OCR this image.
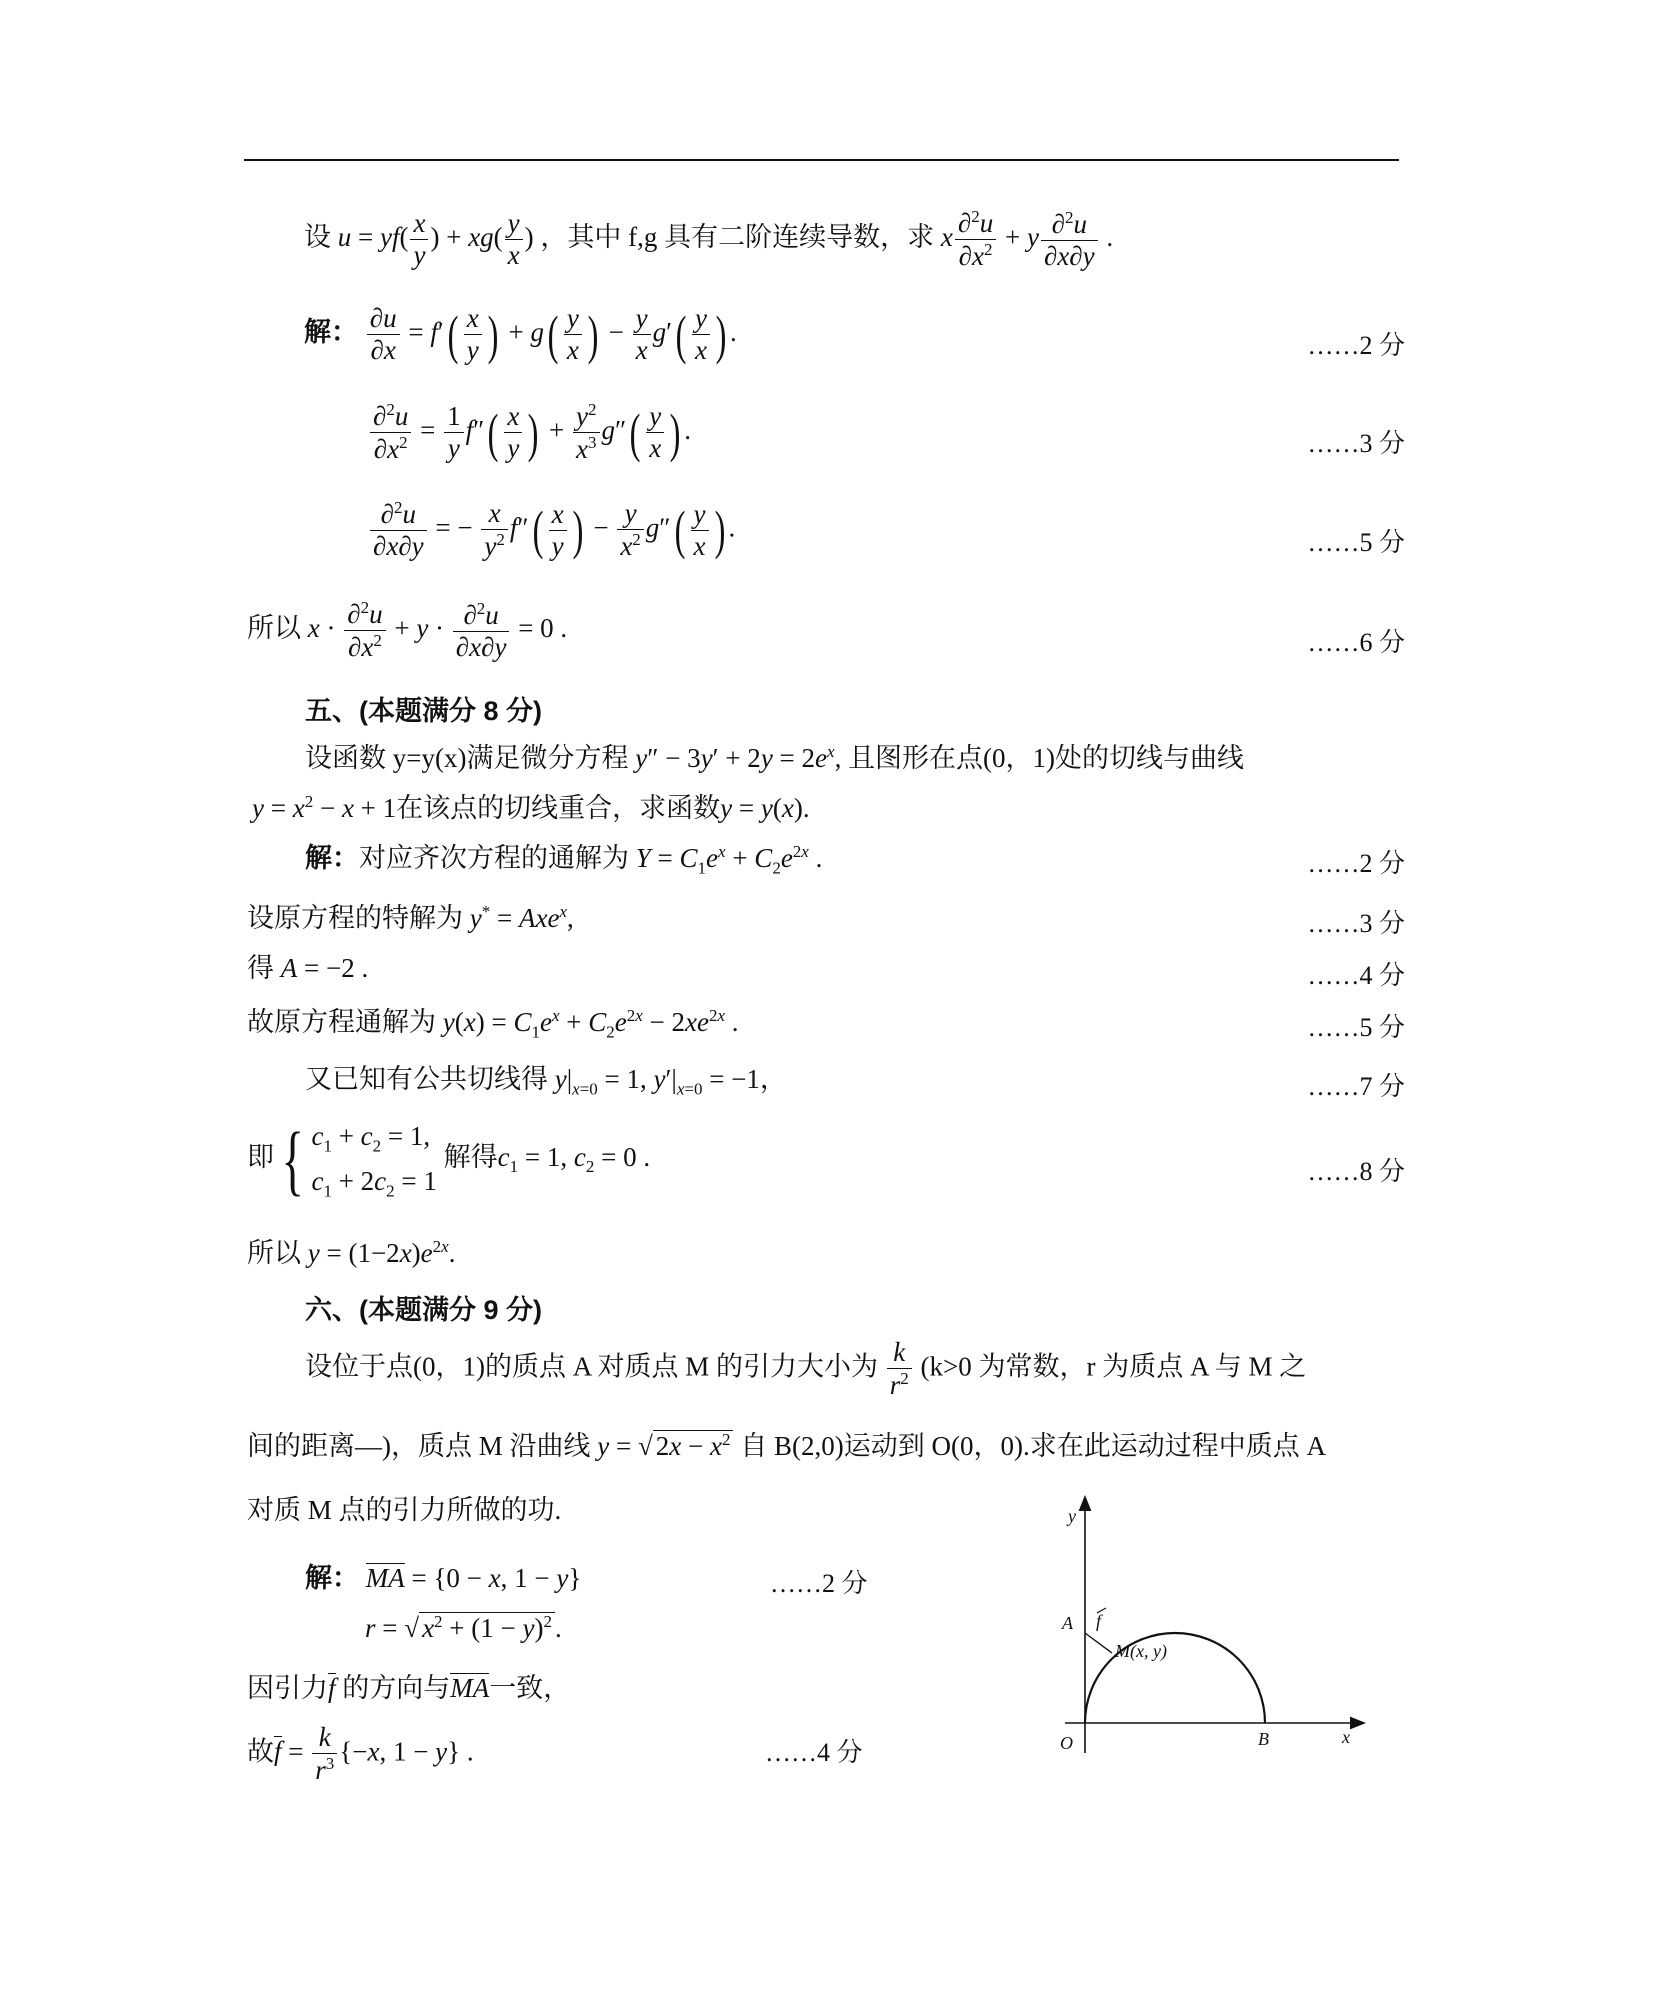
设 $u = yf( \frac{x}{y}$ ) + $xg( \frac{y}{x}$ ) ，其中 f,g 具有二阶连续导数，求 x $\frac{\partial^2u}{\partial x^2} + y \frac{\partial^2u}{\partial x\partial y}$ .
解： $\frac{\partial u}{\partial x} = f'( \frac{x}{y}$ ) + $g( \frac{y}{x}$ ) − $\frac{y}{x} g'( \frac{y}{x}$ ) .	……2 分
$\frac{\partial^2u}{\partial x^2} = \frac{1}{y} f''( \frac{x}{y}$ ) + $\frac{y^2}{x^3} g''( \frac{y}{x}$ ) .	……3 分
$\frac{\partial^2u}{\partial x\partial y}$ = − $\frac{x}{y^2} f''( \frac{x}{y}$ ) − $\frac{y}{x^2} g''( \frac{y}{x}$ ) .
……5 分
所以 $x \cdot \frac{\partial^2u}{\partial x^2} + y \cdot \frac{\partial^2u}{\partial x\partial y} = 0$ .	……6 分
五、(本题满分 8 分)
设函数 y=y(x)满足微分方程 $y'' - 3y' + 2y = 2e^x$, 且图形在点(0，1)处的切线与曲线
$y = x^2 - x + 1$在该点的切线重合，求函数y = y(x).
解：对应齐次方程的通解为 $Y = C_1e^x + C_2e^{2x}$ .	……2 分
设原方程的特解为 y* = Axe$^x$,	……3 分
得 A = −2 .	……4 分
故原方程通解为 $y(x) = C_1e^x + C_2e^{2x} - 2xe^{2x}$ .	……5 分
又已知有公共切线得 $y|_{x=0} = 1$, $y'|_{x=0} = -1$，	……7 分
即{ $c_1 + c_2 = 1$,
$c_1 + 2c_2 = 1$ 解得$c_1 = 1$, $c_2 = 0$ .	……8 分
所以 $y = (1-2x)e^{2x}$.
六、(本题满分 9 分)
设位于点(0，1)的质点 A 对质点 M 的引力大小为 $\frac{k}{r^2} (k>0$ 为常数，r 为质点 A 与 M 之
间的距离—)，质点 M 沿曲线 y = √ $2x - x^2$ 自 B(2,0)运动到 O(0，0).求在此运动过程中质点 A
对质 M 点的引力所做的功.
解： MA = {0 − x, 1 − y}	……2 分
r = √ $x^2 + (1 - y)^2$ .
因引力f 的方向与MA一致，
故$f = \frac{k}{r^3} \{-x$, 1 − y} .	……4 分
y
x
O
A
B
M(x, y)
f
